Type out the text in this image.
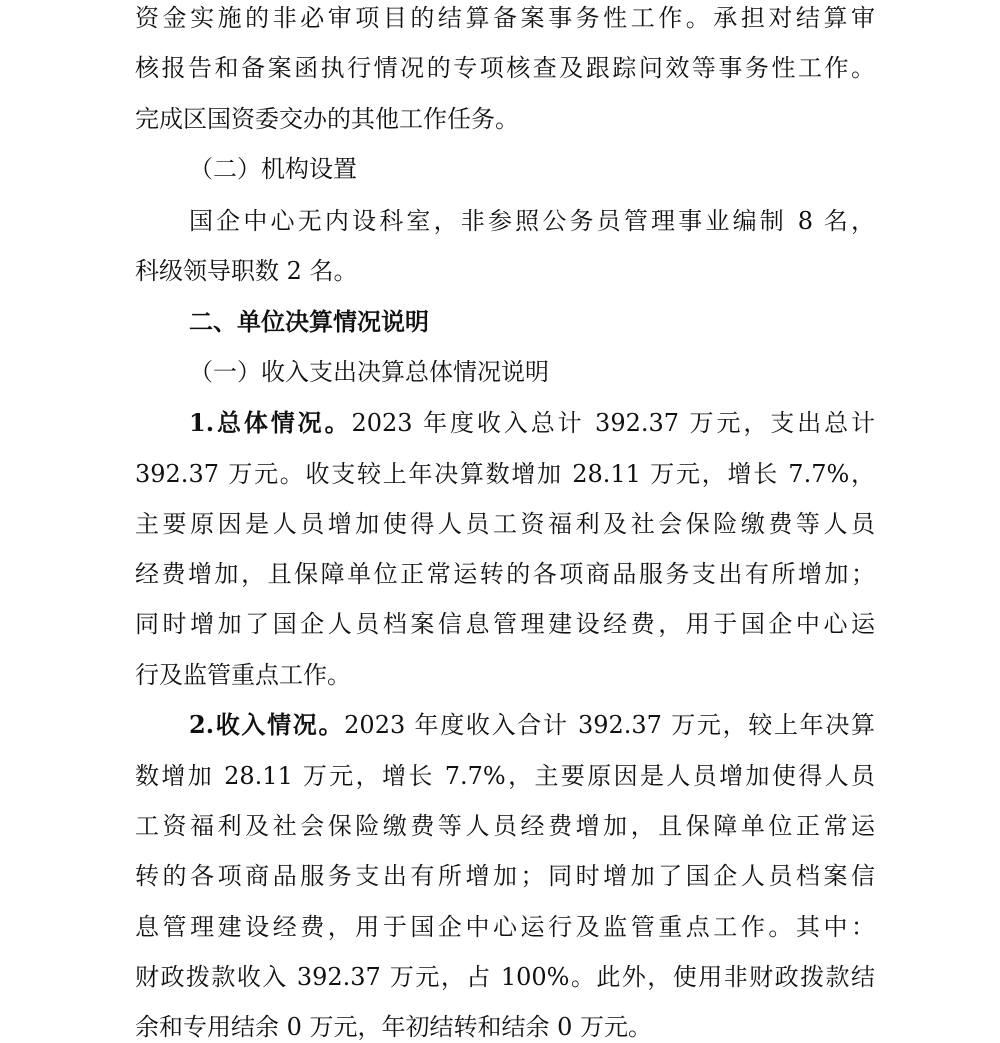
资金实施的非必审项目的结算备案事务性工作。承担对结算审
核报告和备案函执行情况的专项核查及跟踪问效等事务性工作。
完成区国资委交办的其他工作任务。
（二）机构设置
国企中心无内设科室，非参照公务员管理事业编制 8 名，
科级领导职数 2 名。
二、单位决算情况说明
（一）收入支出决算总体情况说明
1.总体情况。2023 年度收入总计 392.37 万元，支出总计
392.37 万元。收支较上年决算数增加 28.11 万元，增长 7.7%，
主要原因是人员增加使得人员工资福利及社会保险缴费等人员
经费增加，且保障单位正常运转的各项商品服务支出有所增加；
同时增加了国企人员档案信息管理建设经费，用于国企中心运
行及监管重点工作。
2.收入情况。2023 年度收入合计 392.37 万元，较上年决算
数增加 28.11 万元，增长 7.7%，主要原因是人员增加使得人员
工资福利及社会保险缴费等人员经费增加，且保障单位正常运
转的各项商品服务支出有所增加；同时增加了国企人员档案信
息管理建设经费，用于国企中心运行及监管重点工作。其中：
财政拨款收入 392.37 万元，占 100%。此外，使用非财政拨款结
余和专用结余 0 万元，年初结转和结余 0 万元。
